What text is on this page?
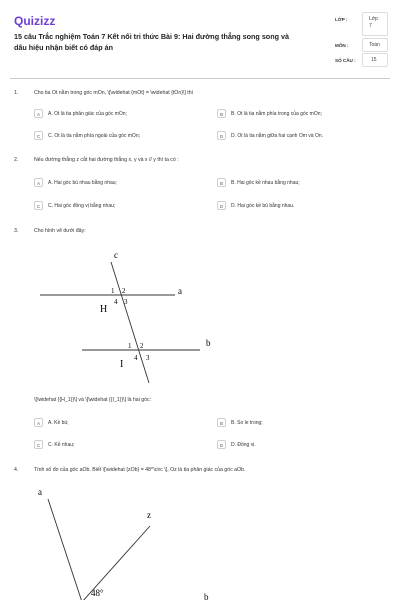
Quizizz
15 câu Trắc nghiệm Toán 7 Kết nối tri thức Bài 9: Hai đường thẳng song song và dấu hiệu nhận biết có đáp án
LỚP :	Lớp 7
MÔN :	Toán
SỐ CÂU :	15
1.	Cho tia Ot nằm trong góc mOn, \[\widehat {mOt} = \widehat {tOn}\] thì
A	A. Ot là tia phân giác của góc mOn;	B	B. Ot là tia nằm phía trong của góc mOn;
C	C. Ot là tia nằm phía ngoài của góc mOn;	D	D. Ot là tia nằm giữa hai cạnh Om và On.
2.	Nếu đường thẳng z cắt hai đường thẳng x, y và x // y thì ta có :
A	A. Hai góc bù nhau bằng nhau;	B	B. Hai góc kề nhau bằng nhau;
C	C. Hai góc đồng vị bằng nhau;	D	D. Hai góc kề bù bằng nhau.
3.	Cho hình vẽ dưới đây:
c
a
b
H
I
1 2
3
4
1 2
3
4
\[\widehat {{H_1}}\] và \[\widehat {{I_1}}\] là hai góc:
A	A. Kề bù;	B	B. So le trong;
C	C. Kề nhau;	D	D. Đồng vị.
4.	Tính số đo của góc aOb. Biết \[\widehat {zOb} = 48^\circ \], Oz là tia phân giác của góc aOb.
a
z
b
48°
